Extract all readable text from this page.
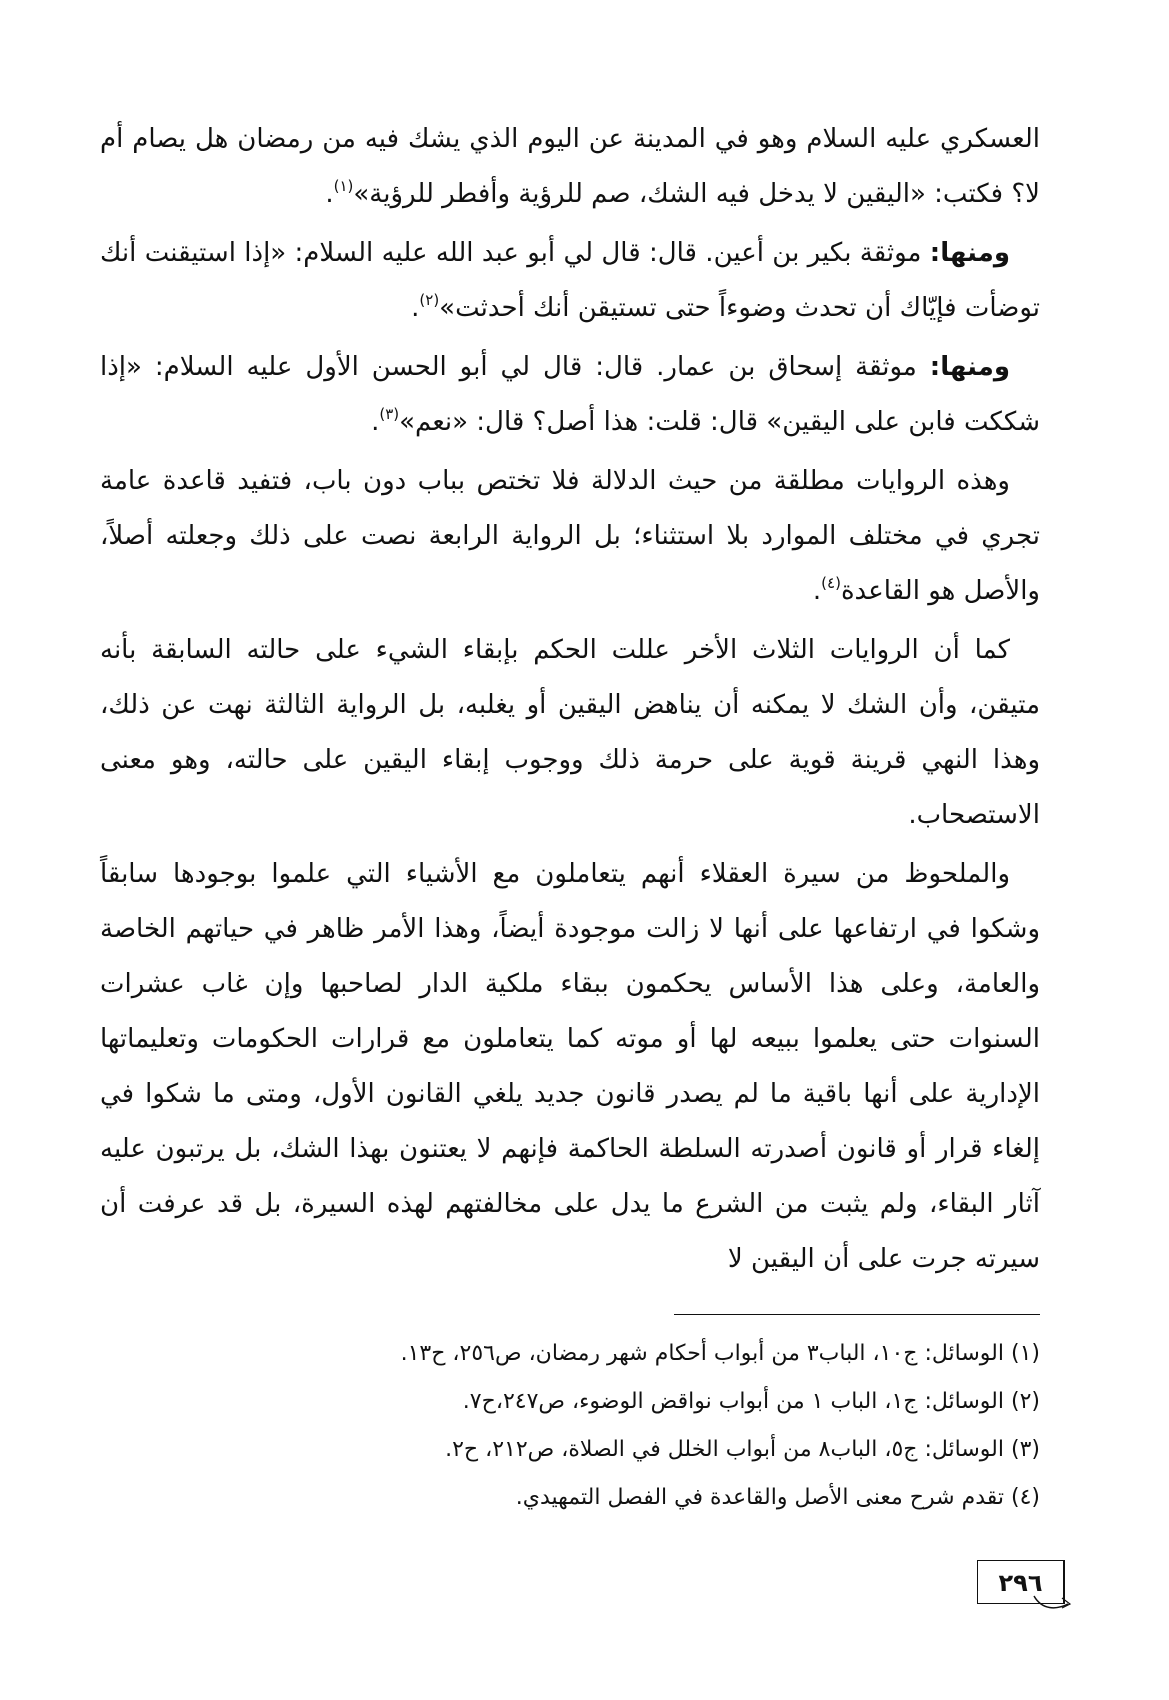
العسكري عليه السلام وهو في المدينة عن اليوم الذي يشك فيه من رمضان هل يصام أم لا؟ فكتب: «اليقين لا يدخل فيه الشك، صم للرؤية وأفطر للرؤية»$^{(١)}$.

ومنها: موثقة بكير بن أعين. قال: قال لي أبو عبد الله عليه السلام: «إذا استيقنت أنك توضأت فإيّاك أن تحدث وضوءاً حتى تستيقن أنك أحدثت»$^{(٢)}$.

ومنها: موثقة إسحاق بن عمار. قال: قال لي أبو الحسن الأول عليه السلام: «إذا شككت فابن على اليقين» قال: قلت: هذا أصل؟ قال: «نعم»$^{(٣)}$.

وهذه الروايات مطلقة من حيث الدلالة فلا تختص بباب دون باب، فتفيد قاعدة عامة تجري في مختلف الموارد بلا استثناء؛ بل الرواية الرابعة نصت على ذلك وجعلته أصلاً، والأصل هو القاعدة$^{(٤)}$.

كما أن الروايات الثلاث الأخر عللت الحكم بإبقاء الشيء على حالته السابقة بأنه متيقن، وأن الشك لا يمكنه أن يناهض اليقين أو يغلبه، بل الرواية الثالثة نهت عن ذلك، وهذا النهي قرينة قوية على حرمة ذلك ووجوب إبقاء اليقين على حالته، وهو معنى الاستصحاب.

والملحوظ من سيرة العقلاء أنهم يتعاملون مع الأشياء التي علموا بوجودها سابقاً وشكوا في ارتفاعها على أنها لا زالت موجودة أيضاً، وهذا الأمر ظاهر في حياتهم الخاصة والعامة، وعلى هذا الأساس يحكمون ببقاء ملكية الدار لصاحبها وإن غاب عشرات السنوات حتى يعلموا ببيعه لها أو موته كما يتعاملون مع قرارات الحكومات وتعليماتها الإدارية على أنها باقية ما لم يصدر قانون جديد يلغي القانون الأول، ومتى ما شكوا في إلغاء قرار أو قانون أصدرته السلطة الحاكمة فإنهم لا يعتنون بهذا الشك، بل يرتبون عليه آثار البقاء، ولم يثبت من الشرع ما يدل على مخالفتهم لهذه السيرة، بل قد عرفت أن سيرته جرت على أن اليقين لا

(١) الوسائل: ج١٠، الباب٣ من أبواب أحكام شهر رمضان، ص٢٥٦، ح١٣.
(٢) الوسائل: ج١، الباب ١ من أبواب نواقض الوضوء، ص٢٤٧،ح٧.
(٣) الوسائل: ج٥، الباب٨ من أبواب الخلل في الصلاة، ص٢١٢، ح٢.
(٤) تقدم شرح معنى الأصل والقاعدة في الفصل التمهيدي.
٢٩٦
